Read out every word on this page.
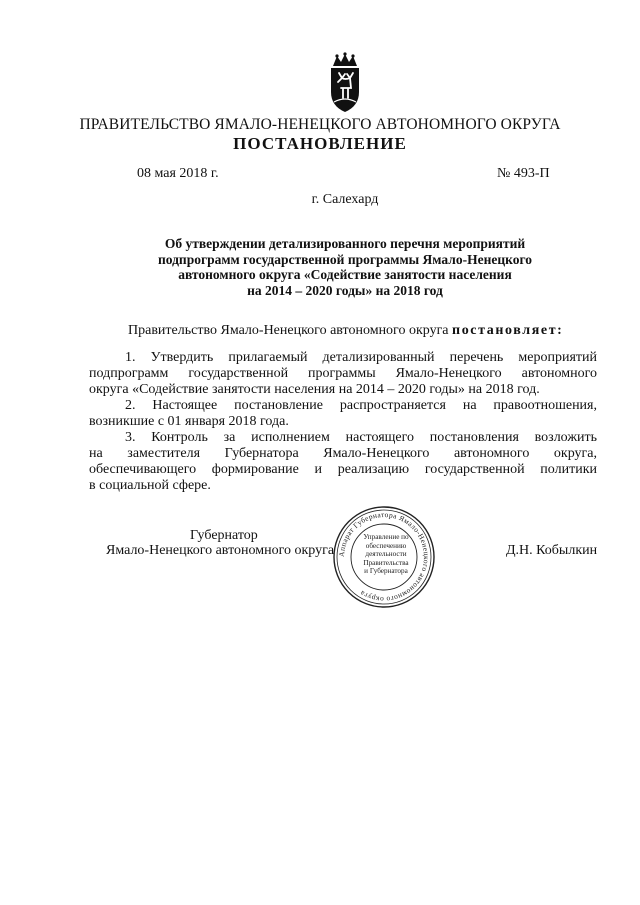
ПРАВИТЕЛЬСТВО ЯМАЛО-НЕНЕЦКОГО АВТОНОМНОГО ОКРУГА
ПОСТАНОВЛЕНИЕ
08 мая 2018 г.	№ 493-П
г. Салехард
Об утверждении детализированного перечня мероприятий
подпрограмм государственной программы Ямало-Ненецкого
автономного округа «Содействие занятости населения
на 2014 – 2020 годы» на 2018 год
Правительство Ямало-Ненецкого автономного округа постановляет:
1. Утвердить прилагаемый детализированный перечень мероприятий
подпрограмм государственной программы Ямало-Ненецкого автономного
округа «Содействие занятости населения на 2014 – 2020 годы» на 2018 год.
2. Настоящее постановление распространяется на правоотношения,
возникшие с 01 января 2018 года.
3. Контроль за исполнением настоящего постановления возложить
на заместителя Губернатора Ямало-Ненецкого автономного округа,
обеспечивающего формирование и реализацию государственной политики
в социальной сфере.
Аппарат Губернатора Ямало-Ненецкого автономного округа
Управление по
обеспечению
деятельности
Правительства
и Губернатора
Губернатор
Ямало-Ненецкого автономного округа	Д.Н. Кобылкин
